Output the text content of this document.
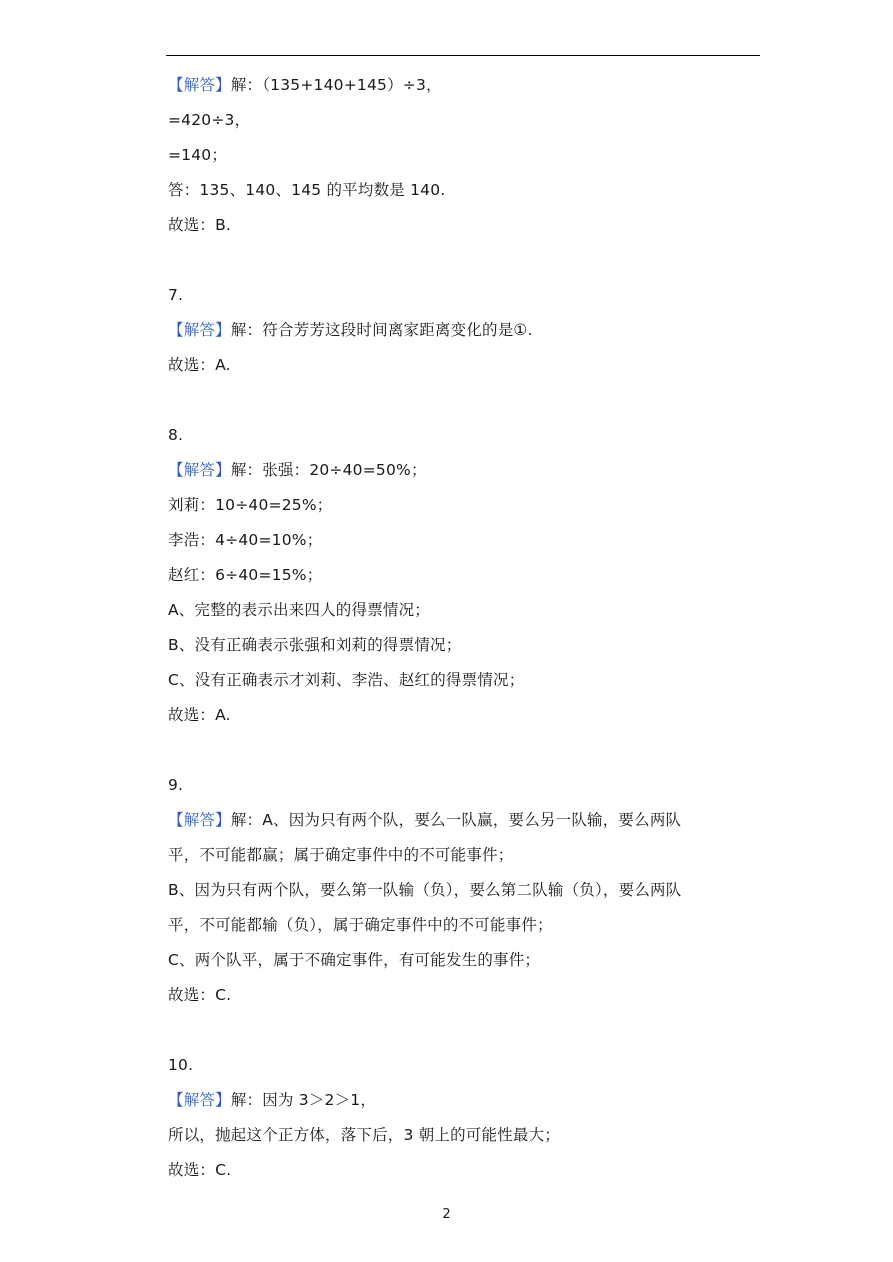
【解答】解：（135+140+145）÷3，
=420÷3，
=140；
答：135、140、145 的平均数是 140.
故选：B.
7.
【解答】解：符合芳芳这段时间离家距离变化的是①.
故选：A.
8.
【解答】解：张强：20÷40=50%；
刘莉：10÷40=25%；
李浩：4÷40=10%；
赵红：6÷40=15%；
A、完整的表示出来四人的得票情况；
B、没有正确表示张强和刘莉的得票情况；
C、没有正确表示才刘莉、李浩、赵红的得票情况；
故选：A.
9.
【解答】解：A、因为只有两个队，要么一队赢，要么另一队输，要么两队
平，不可能都赢；属于确定事件中的不可能事件；
B、因为只有两个队，要么第一队输（负），要么第二队输（负），要么两队
平，不可能都输（负），属于确定事件中的不可能事件；
C、两个队平，属于不确定事件，有可能发生的事件；
故选：C.
10.
【解答】解：因为 3＞2＞1，
所以，抛起这个正方体，落下后，3 朝上的可能性最大；
故选：C.
2
